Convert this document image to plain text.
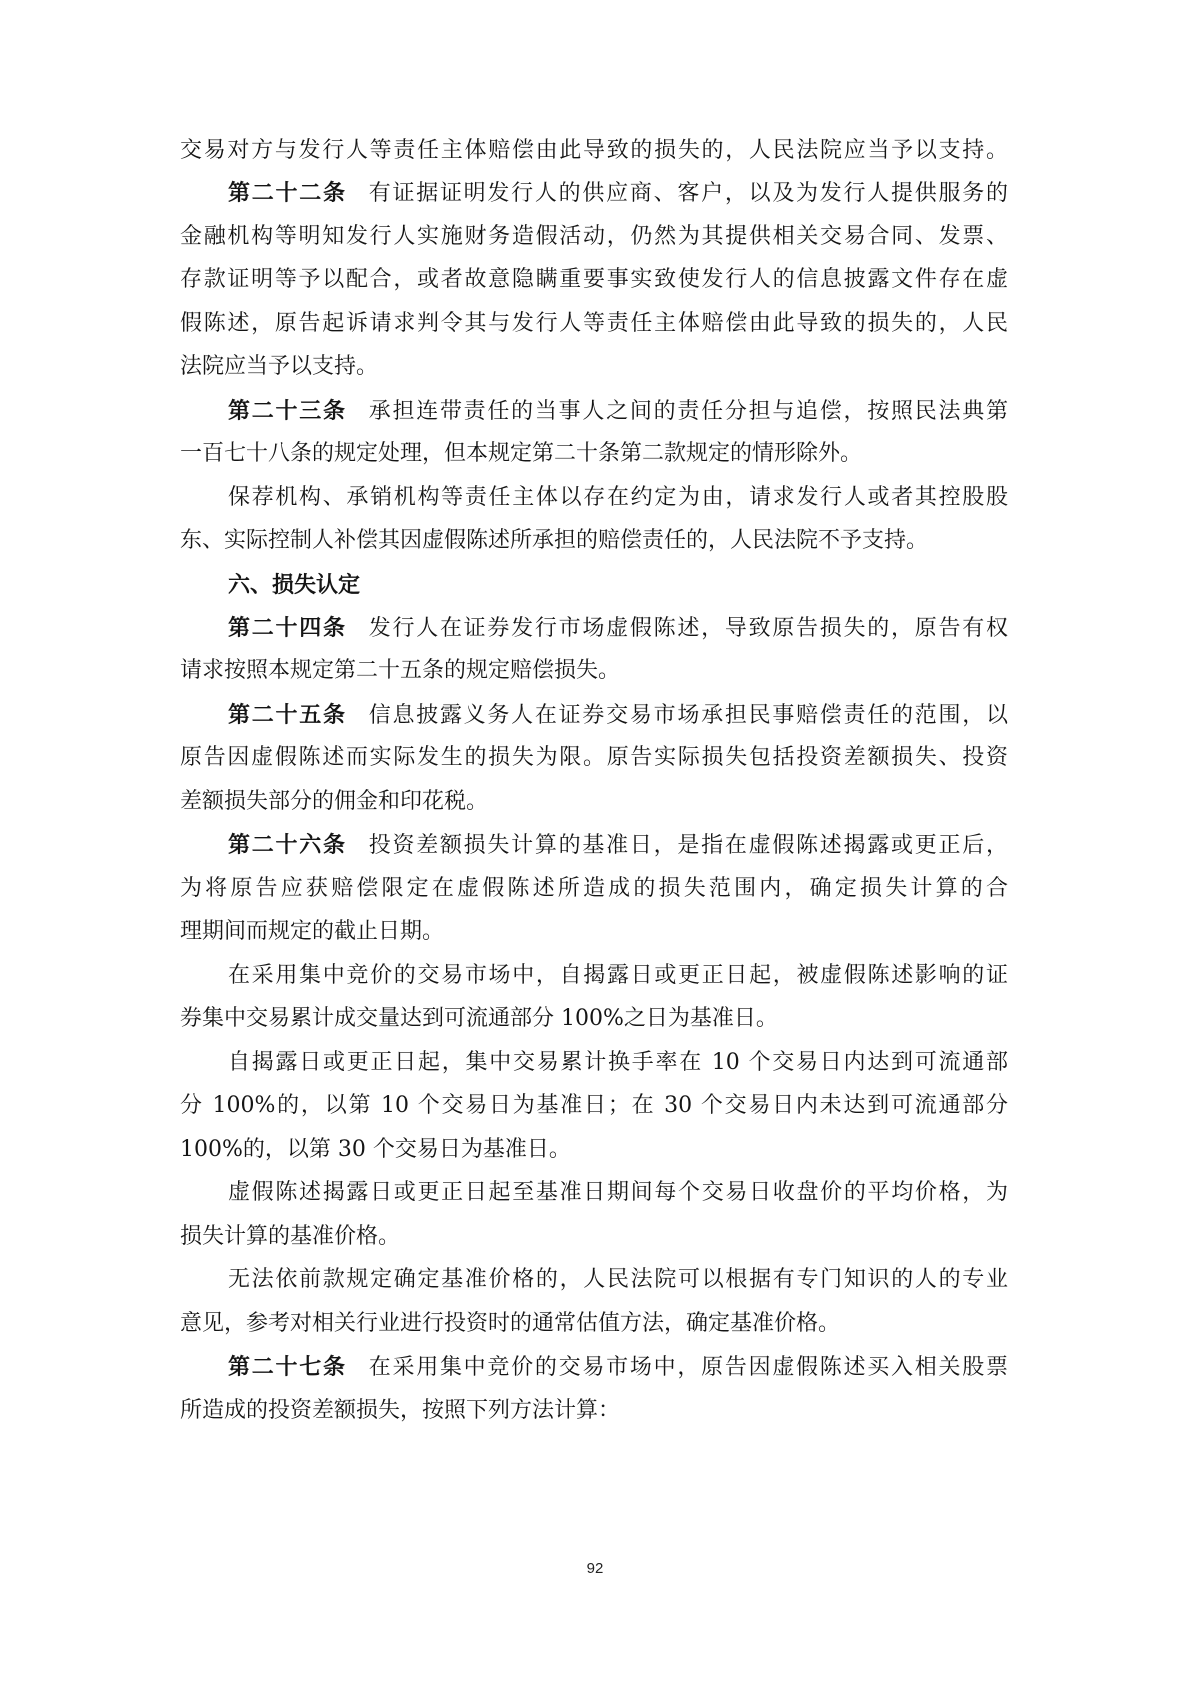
交易对方与发行人等责任主体赔偿由此导致的损失的，人民法院应当予以支持。
第二十二条 有证据证明发行人的供应商、客户，以及为发行人提供服务的
金融机构等明知发行人实施财务造假活动，仍然为其提供相关交易合同、发票、
存款证明等予以配合，或者故意隐瞒重要事实致使发行人的信息披露文件存在虚
假陈述，原告起诉请求判令其与发行人等责任主体赔偿由此导致的损失的，人民
法院应当予以支持。
第二十三条 承担连带责任的当事人之间的责任分担与追偿，按照民法典第
一百七十八条的规定处理，但本规定第二十条第二款规定的情形除外。
保荐机构、承销机构等责任主体以存在约定为由，请求发行人或者其控股股
东、实际控制人补偿其因虚假陈述所承担的赔偿责任的，人民法院不予支持。
六、损失认定
第二十四条 发行人在证券发行市场虚假陈述，导致原告损失的，原告有权
请求按照本规定第二十五条的规定赔偿损失。
第二十五条 信息披露义务人在证券交易市场承担民事赔偿责任的范围，以
原告因虚假陈述而实际发生的损失为限。原告实际损失包括投资差额损失、投资
差额损失部分的佣金和印花税。
第二十六条 投资差额损失计算的基准日，是指在虚假陈述揭露或更正后，
为将原告应获赔偿限定在虚假陈述所造成的损失范围内，确定损失计算的合
理期间而规定的截止日期。
在采用集中竞价的交易市场中，自揭露日或更正日起，被虚假陈述影响的证
券集中交易累计成交量达到可流通部分 100%之日为基准日。
自揭露日或更正日起，集中交易累计换手率在 10 个交易日内达到可流通部
分 100%的，以第 10 个交易日为基准日；在 30 个交易日内未达到可流通部分
100%的，以第 30 个交易日为基准日。
虚假陈述揭露日或更正日起至基准日期间每个交易日收盘价的平均价格，为
损失计算的基准价格。
无法依前款规定确定基准价格的，人民法院可以根据有专门知识的人的专业
意见，参考对相关行业进行投资时的通常估值方法，确定基准价格。
第二十七条 在采用集中竞价的交易市场中，原告因虚假陈述买入相关股票
所造成的投资差额损失，按照下列方法计算：
92
